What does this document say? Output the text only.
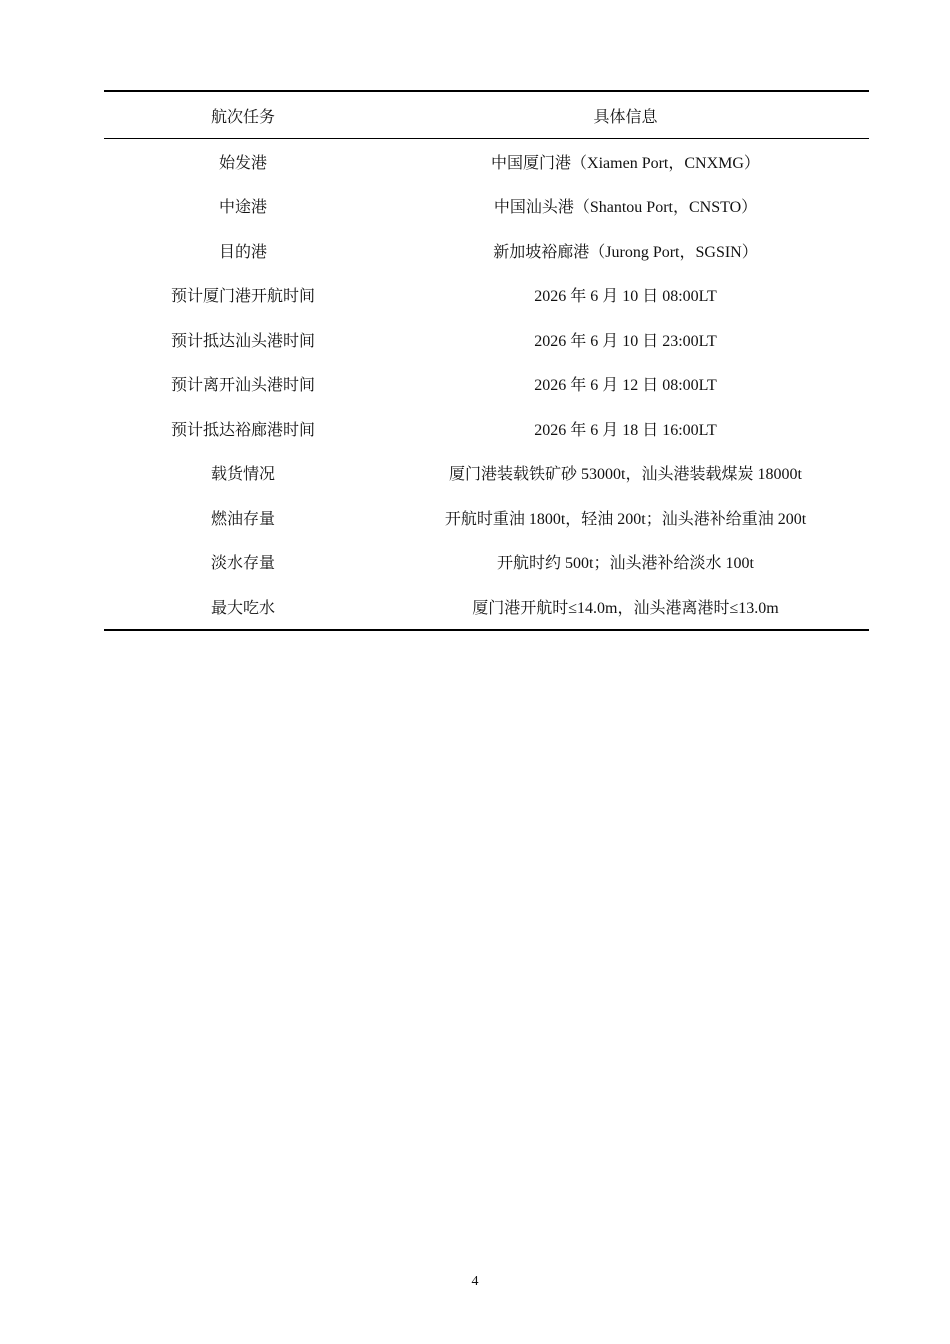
航次任务	具体信息
始发港	中国厦门港（Xiamen Port，CNXMG）
中途港	中国汕头港（Shantou Port，CNSTO）
目的港	新加坡裕廊港（Jurong Port，SGSIN）
预计厦门港开航时间	2026 年 6 月 10 日 08:00LT
预计抵达汕头港时间	2026 年 6 月 10 日 23:00LT
预计离开汕头港时间	2026 年 6 月 12 日 08:00LT
预计抵达裕廊港时间	2026 年 6 月 18 日 16:00LT
载货情况	厦门港装载铁矿砂 53000t，汕头港装载煤炭 18000t
燃油存量	开航时重油 1800t，轻油 200t；汕头港补给重油 200t
淡水存量	开航时约 500t；汕头港补给淡水 100t
最大吃水	厦门港开航时≤14.0m，汕头港离港时≤13.0m
4
